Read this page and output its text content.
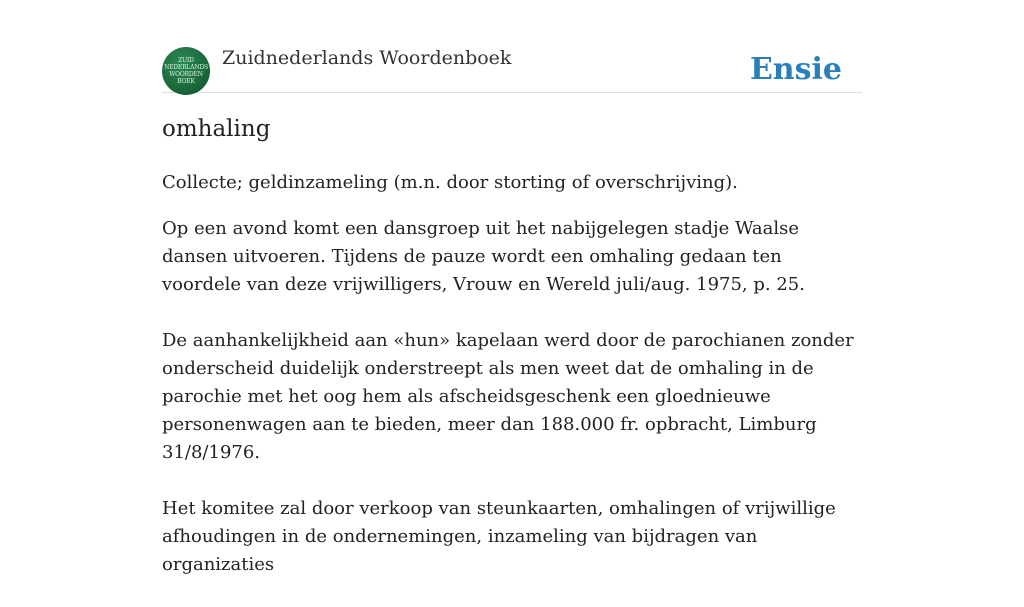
ZUID
NEDERLANDS
WOORDEN
BOEK
Zuidnederlands Woordenboek	Ensie
omhaling
Collecte; geldinzameling (m.n. door storting of overschrijving).

Op een avond komt een dansgroep uit het nabijgelegen stadje Waalse dansen uitvoeren. Tijdens de pauze wordt een omhaling gedaan ten voordele van deze vrijwilligers, Vrouw en Wereld juli/aug. 1975, p. 25.

De aanhankelijkheid aan «hun» kapelaan werd door de parochianen zonder onderscheid duidelijk onderstreept als men weet dat de omhaling in de parochie met het oog hem als afscheidsgeschenk een gloednieuwe personenwagen aan te bieden, meer dan 188.000 fr. opbracht, Limburg 31/8/1976.

Het komitee zal door verkoop van steunkaarten, omhalingen of vrijwillige afhoudingen in de ondernemingen, inzameling van bijdragen van organizaties
